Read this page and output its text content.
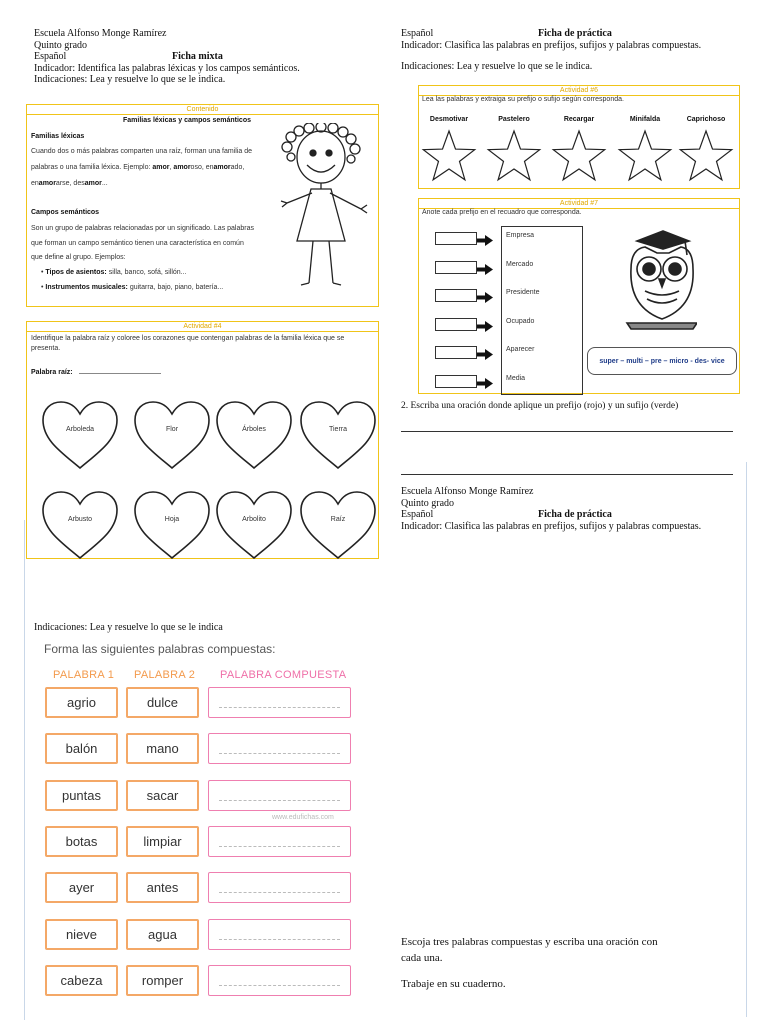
Escuela Alfonso Monge Ramírez
Quinto grado
Español	Ficha mixta
Indicador: Identifica las palabras léxicas y los campos semánticos.
Indicaciones: Lea y resuelve lo que se le indica.
Contenido
Familias léxicas y campos semánticos
Familias léxicas
Cuando dos o más palabras comparten una raíz, forman una familia de
palabras o una familia léxica. Ejemplo: amor, amoroso, enamorado,
enamorarse, desamor...
Campos semánticos
Son un grupo de palabras relacionadas por un significado. Las palabras
que forman un campo semántico tienen una característica en común
que define al grupo. Ejemplos:
• Tipos de asientos: silla, banco, sofá, sillón...
• Instrumentos musicales: guitarra, bajo, piano, batería...
Actividad #4
Identifique la palabra raíz y coloree los corazones que contengan palabras de la familia léxica que se presenta.
Palabra raíz:
Arboleda	Flor	Árboles	Tierra
Arbusto	Hoja	Arbolito	Raíz
Indicaciones: Lea y resuelve lo que se le indica
Forma las siguientes palabras compuestas:
PALABRA 1 PALABRA 2 PALABRA COMPUESTA
agrio	dulce
balón	mano
puntas	sacar
botas	limpiar
ayer	antes
nieve	agua
cabeza	romper
www.edufichas.com
Español	Ficha de práctica
Indicador: Clasifica las palabras en prefijos, sufijos y palabras compuestas.
Indicaciones: Lea y resuelve lo que se le indica.
Actividad #6
Lea las palabras y extraiga su prefijo o sufijo según corresponda.
Desmotivar	Pastelero	Recargar	Minifalda	Caprichoso
Actividad #7
Anote cada prefijo en el recuadro que corresponda.
Empresa
Mercado
Presidente
Ocupado
Aparecer
Media
super – multi – pre – micro - des- vice
2. Escriba una oración donde aplique un prefijo (rojo) y un sufijo (verde)
Escuela Alfonso Monge Ramírez
Quinto grado
Español	Ficha de práctica
Indicador: Clasifica las palabras en prefijos, sufijos y palabras compuestas.
Escoja tres palabras compuestas y escriba una oración con
cada una.
Trabaje en su cuaderno.
